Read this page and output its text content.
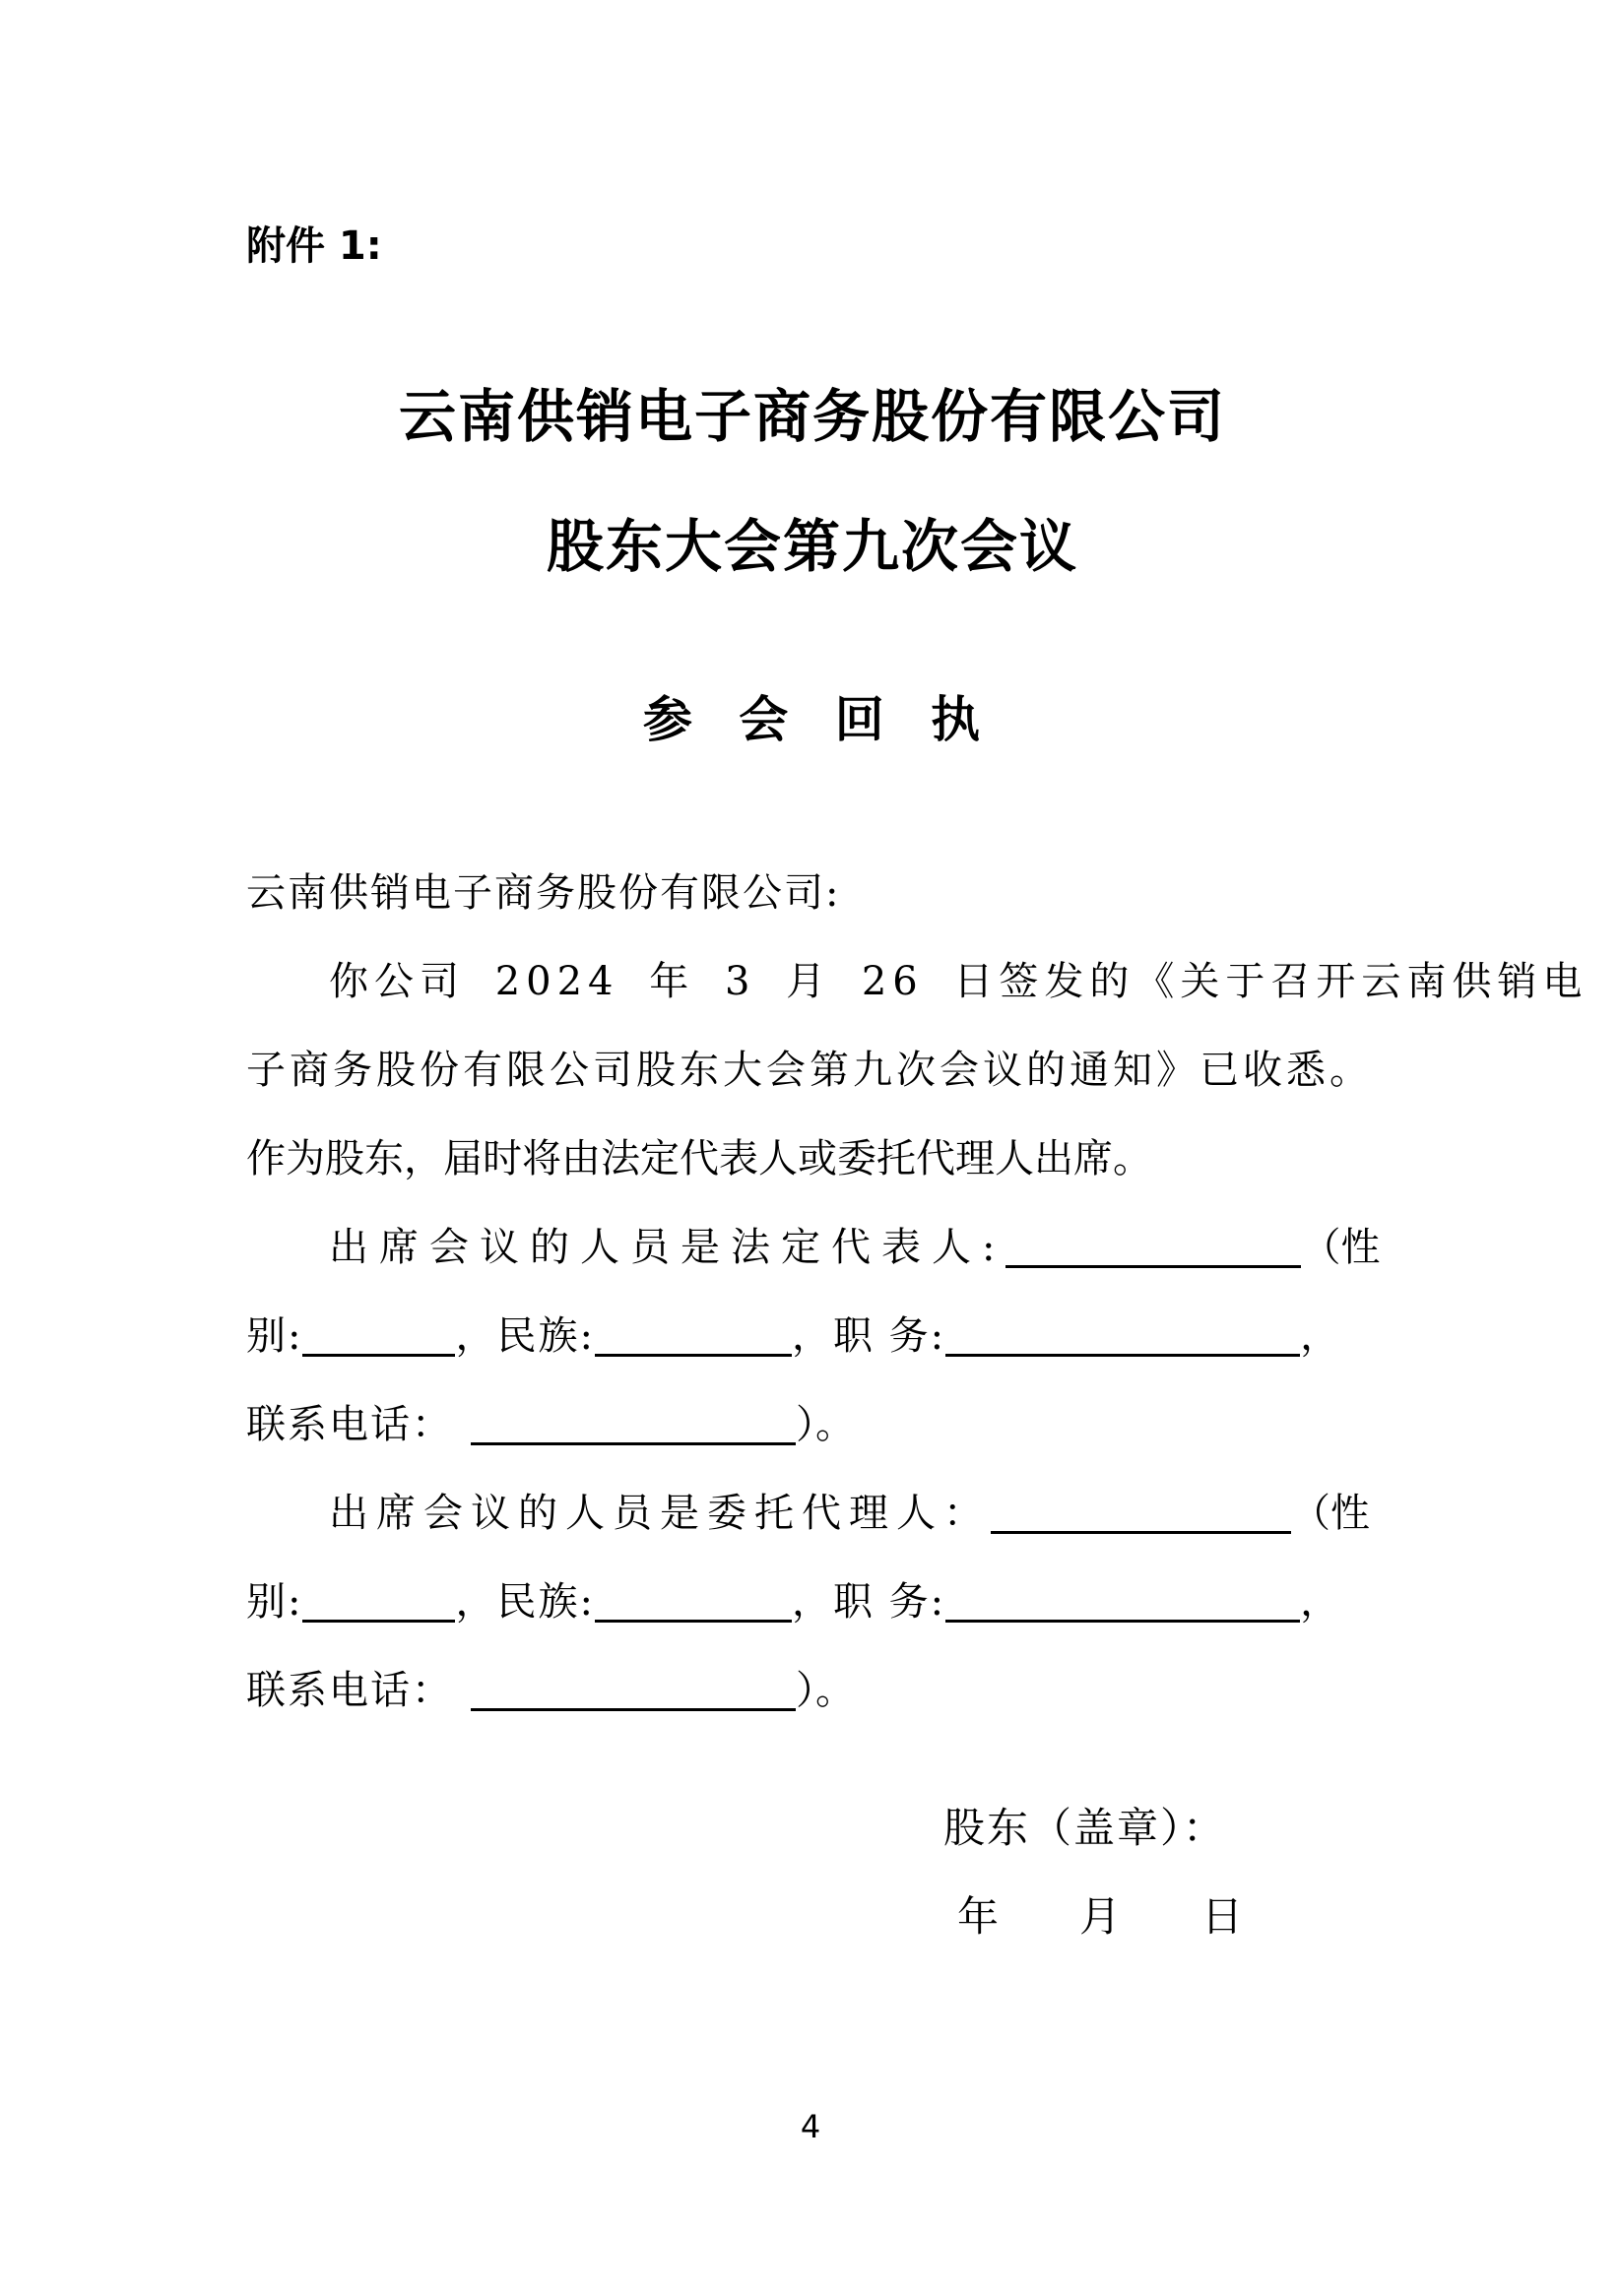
附件 1:
云南供销电子商务股份有限公司
股东大会第九次会议
参 会 回 执
云南供销电子商务股份有限公司:
你公司 2024 年 3 月 26 日签发的《关于召开云南供销电
子商务股份有限公司股东大会第九次会议的通知》已收悉。
作为股东，届时将由法定代表人或委托代理人出席。
出席会议的人员是法定代表人:	（性
别:	，民族:	，职 务:	，
联系电话：	）。
出席会议的人员是委托代理人：	（性
别:	，民族:	，职 务:	，
联系电话：	）。
股东（盖章）：
年 月 日
4
